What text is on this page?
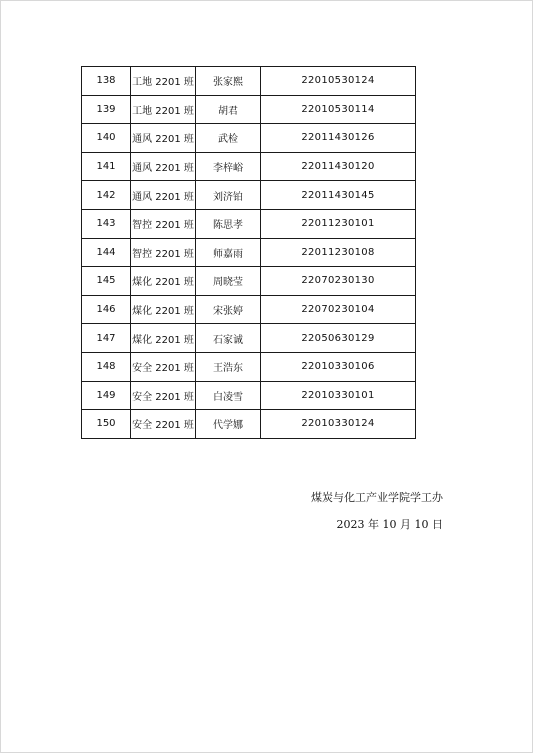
138	工地 2201 班	张家熙	22010530124
139	工地 2201 班	胡君	22010530114
140	通风 2201 班	武检	22011430126
141	通风 2201 班	李梓峪	22011430120
142	通风 2201 班	刘济铂	22011430145
143	智控 2201 班	陈思孝	22011230101
144	智控 2201 班	师嘉雨	22011230108
145	煤化 2201 班	周晓莹	22070230130
146	煤化 2201 班	宋张婷	22070230104
147	煤化 2201 班	石家诚	22050630129
148	安全 2201 班	王浩东	22010330106
149	安全 2201 班	白凌雪	22010330101
150	安全 2201 班	代学娜	22010330124
煤炭与化工产业学院学工办
2023 年 10 月 10 日
